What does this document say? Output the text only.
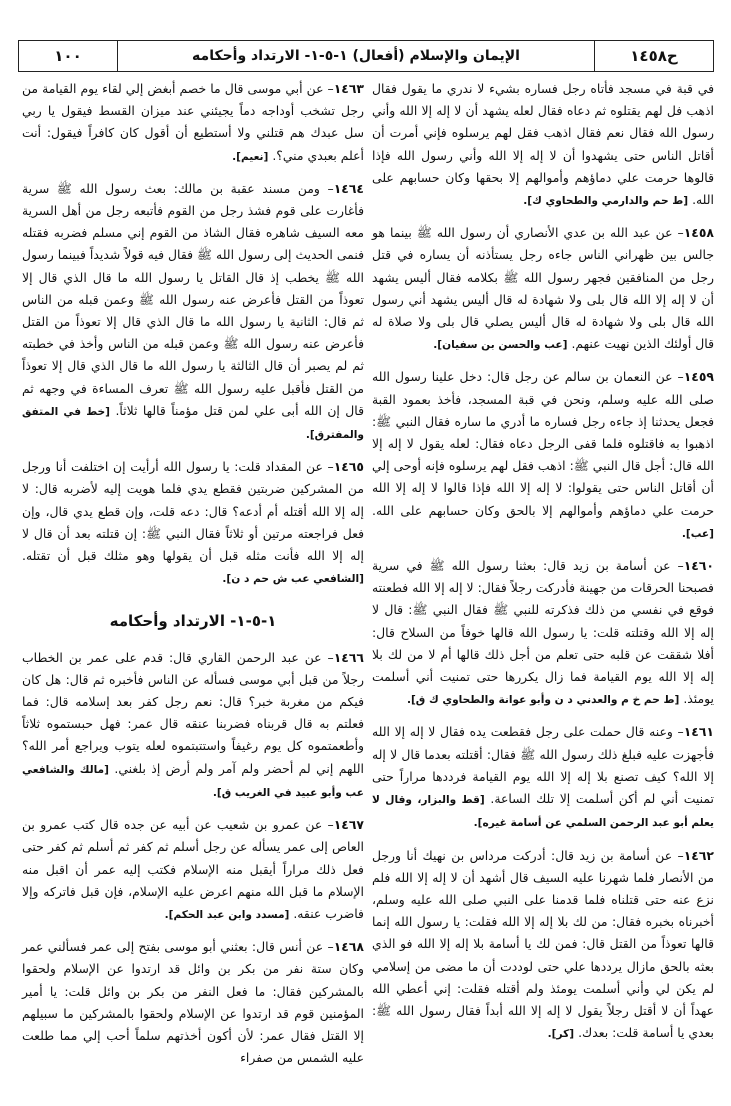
ح١٤٥٨
الإيمان والإسلام (أفعال) ١-٥-١- الارتداد وأحكامه
١٠٠
في قبة في مسجد فأتاه رجل فساره بشيء لا ندري ما يقول فقال اذهب فل لهم يقتلوه ثم دعاه فقال لعله يشهد أن لا إله إلا الله وأني رسول الله فقال نعم فقال اذهب فقل لهم يرسلوه فإني أمرت أن أقاتل الناس حتى يشهدوا أن لا إله إلا الله وأني رسول الله فإذا قالوها حرمت علي دماؤهم وأموالهم إلا بحقها وكان حسابهم على الله. [ط حم والدارمي والطحاوي ك].
١٤٥٨– عن عبد الله بن عدي الأنصاري أن رسول الله ﷺ بينما هو جالس بين ظهراني الناس جاءه رجل يستأذنه أن يساره في قتل رجل من المنافقين فجهر رسول الله ﷺ بكلامه فقال أليس يشهد أن لا إله إلا الله قال بلى ولا شهادة له قال أليس يشهد أني رسول الله قال بلى ولا شهادة له قال أليس يصلي قال بلى ولا صلاة له قال أولئك الذين نهيت عنهم. [عب والحسن بن سفيان].
١٤٥٩– عن النعمان بن سالم عن رجل قال: دخل علينا رسول الله صلى الله عليه وسلم، ونحن في قبة المسجد، فأخذ بعمود القبة فجعل يحدثنا إذ جاءه رجل فساره ما أدري ما ساره فقال النبي ﷺ: اذهبوا به فاقتلوه فلما قفى الرجل دعاه فقال: لعله يقول لا إله إلا الله قال: أجل قال النبي ﷺ: اذهب فقل لهم يرسلوه فإنه أوحى إلي أن أقاتل الناس حتى يقولوا: لا إله إلا الله فإذا قالوا لا إله إلا الله حرمت علي دماؤهم وأموالهم إلا بالحق وكان حسابهم على الله. [عب].
١٤٦٠– عن أسامة بن زيد قال: بعثنا رسول الله ﷺ في سرية فصبحنا الحرقات من جهينة فأدركت رجلاً فقال: لا إله إلا الله فطعنته فوقع في نفسي من ذلك فذكرته للنبي ﷺ فقال النبي ﷺ: قال لا إله إلا الله وقتلته قلت: يا رسول الله قالها خوفاً من السلاح قال: أفلا شققت عن قلبه حتى تعلم من أجل ذلك قالها أم لا من لك بلا إله إلا الله يوم القيامة فما زال يكررها حتى تمنيت أني أسلمت يومئذ. [ط حم خ م والعدني د ن وأبو عوانة والطحاوي ك ق].
١٤٦١– وعنه قال حملت على رجل فقطعت يده فقال لا إله إلا الله فأجهزت عليه فبلغ ذلك رسول الله ﷺ فقال: أقتلته بعدما قال لا إله إلا الله؟ كيف تصنع بلا إله إلا الله يوم القيامة فرددها مراراً حتى تمنيت أني لم أكن أسلمت إلا تلك الساعة. [قط والبزار، وقال لا يعلم أبو عبد الرحمن السلمي عن أسامة غيره].
١٤٦٢– عن أسامة بن زيد قال: أدركت مرداس بن نهيك أنا ورجل من الأنصار فلما شهرنا عليه السيف قال أشهد أن لا إله إلا الله فلم نزع عنه حتى قتلناه فلما قدمنا على النبي صلى الله عليه وسلم، أخبرناه بخبره فقال: من لك بلا إله إلا الله فقلت: يا رسول الله إنما قالها تعوذاً من القتل قال: فمن لك يا أسامة بلا إله إلا الله فو الذي بعثه بالحق مازال يرددها علي حتى لوددت أن ما مضى من إسلامي لم يكن لي وأني أسلمت يومئذ ولم أقتله فقلت: إني أعطي الله عهداً أن لا أقتل رجلاً يقول لا إله إلا الله أبداً فقال رسول الله ﷺ: بعدي يا أسامة قلت: بعدك. [كر].
١٤٦٣– عن أبي موسى قال ما خصم أبغض إلي لقاء يوم القيامة من رجل تشخب أوداجه دماً يجيئني عند ميزان القسط فيقول يا ربي سل عبدك هم قتلني ولا أستطيع أن أقول كان كافراً فيقول: أنت أعلم بعبدي مني؟. [نعيم].
١٤٦٤– ومن مسند عقبة بن مالك: بعث رسول الله ﷺ سرية فأغارت على قوم فشذ رجل من القوم فأتبعه رجل من أهل السرية معه السيف شاهره فقال الشاذ من القوم إني مسلم فضربه فقتله فنمى الحديث إلى رسول الله ﷺ فقال فيه قولاً شديداً فبينما رسول الله ﷺ يخطب إذ قال القاتل يا رسول الله ما قال الذي قال إلا تعوذاً من القتل فأعرض عنه رسول الله ﷺ وعمن قبله من الناس ثم قال: الثانية يا رسول الله ما قال الذي قال إلا تعوذاً من القتل فأعرض عنه رسول الله ﷺ وعمن قبله من الناس وأخذ في خطبته ثم لم يصبر أن قال الثالثة يا رسول الله ما قال الذي قال إلا تعوذاً من القتل فأقبل عليه رسول الله ﷺ تعرف المساءة في وجهه ثم قال إن الله أبى علي لمن قتل مؤمناً قالها ثلاثاً. [خط في المتفق والمفترق].
١٤٦٥– عن المقداد قلت: يا رسول الله أرأيت إن اختلفت أنا ورجل من المشركين ضربتين فقطع يدي فلما هويت إليه لأضربه قال: لا إله إلا الله أقتله أم أدعه؟ قال: دعه قلت، وإن قطع يدي قال، وإن فعل فراجعته مرتين أو ثلاثاً فقال النبي ﷺ: إن قتلته بعد أن قال لا إله إلا الله فأنت مثله قبل أن يقولها وهو مثلك قبل أن تقتله. [الشافعي عب ش حم د ن].
١-٥-١- الارتداد وأحكامه
١٤٦٦– عن عبد الرحمن القاري قال: قدم على عمر بن الخطاب رجلاً من قبل أبي موسى فسأله عن الناس فأخبره ثم قال: هل كان فيكم من مغربة خبر؟ قال: نعم رجل كفر بعد إسلامه قال: فما فعلتم به قال قربناه فضربنا عنقه قال عمر: فهل حبستموه ثلاثاً وأطعمتموه كل يوم رغيفاً واستتبتموه لعله يتوب ويراجع أمر الله؟ اللهم إني لم أحضر ولم آمر ولم أرض إذ بلغني. [مالك والشافعي عب وأبو عبيد في الغريب ق].
١٤٦٧– عن عمرو بن شعيب عن أبيه عن جده قال كتب عمرو بن العاص إلى عمر يسأله عن رجل أسلم ثم كفر ثم أسلم ثم كفر حتى فعل ذلك مراراً أيقبل منه الإسلام فكتب إليه عمر أن اقبل منه الإسلام ما قبل الله منهم اعرض عليه الإسلام، فإن قبل فاتركه وإلا فاضرب عنقه. [مسدد وابن عبد الحكم].
١٤٦٨– عن أنس قال: بعثني أبو موسى بفتح إلى عمر فسألني عمر وكان ستة نفر من بكر بن وائل قد ارتدوا عن الإسلام ولحقوا بالمشركين فقال: ما فعل النفر من بكر بن وائل قلت: يا أمير المؤمنين قوم قد ارتدوا عن الإسلام ولحقوا بالمشركين ما سبيلهم إلا القتل فقال عمر: لأن أكون أخذتهم سلماً أحب إلي مما طلعت عليه الشمس من صفراء
